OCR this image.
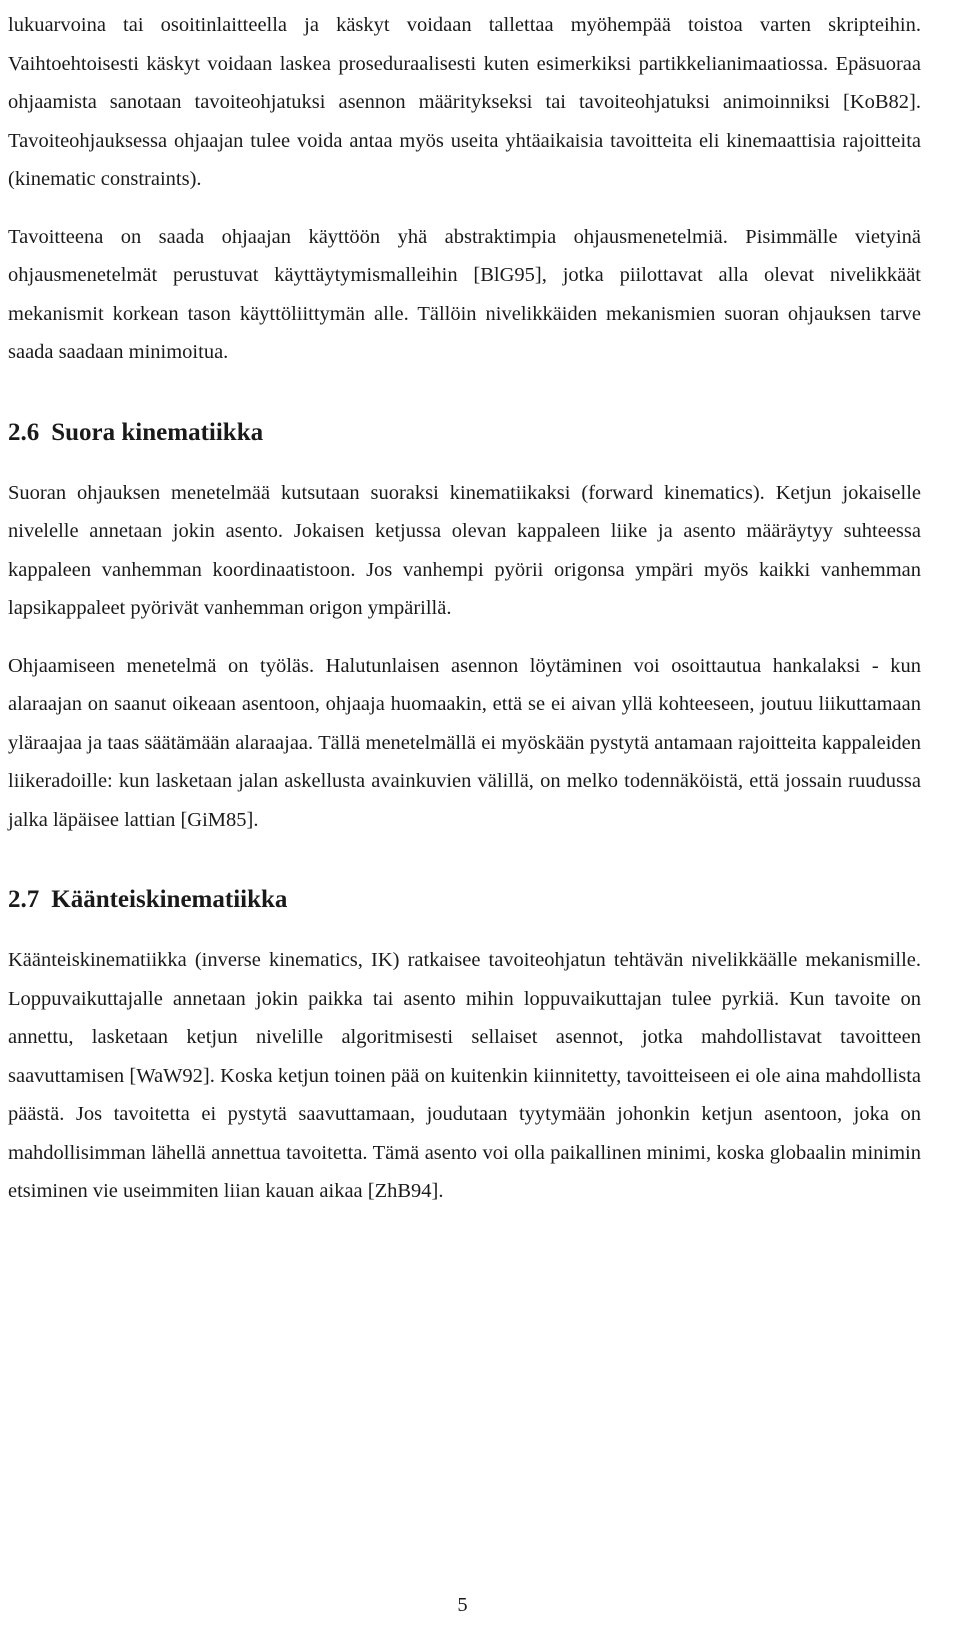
lukuarvoina tai osoitinlaitteella ja käskyt voidaan tallettaa myöhempää toistoa varten skripteihin. Vaihtoehtoisesti käskyt voidaan laskea proseduraalisesti kuten esimerkiksi partikkelianimaatiossa. Epäsuoraa ohjaamista sanotaan tavoiteohjatuksi asennon määritykseksi tai tavoiteohjatuksi animoinniksi [KoB82]. Tavoiteohjauksessa ohjaajan tulee voida antaa myös useita yhtäaikaisia tavoitteita eli kinemaattisia rajoitteita (kinematic constraints).

Tavoitteena on saada ohjaajan käyttöön yhä abstraktimpia ohjausmenetelmiä. Pisimmälle vietyinä ohjausmenetelmät perustuvat käyttäytymismalleihin [BlG95], jotka piilottavat alla olevat nivelikkäät mekanismit korkean tason käyttöliittymän alle. Tällöin nivelikkäiden mekanismien suoran ohjauksen tarve saada saadaan minimoitua.

2.6 Suora kinematiikka

Suoran ohjauksen menetelmää kutsutaan suoraksi kinematiikaksi (forward kinematics). Ketjun jokaiselle nivelelle annetaan jokin asento. Jokaisen ketjussa olevan kappaleen liike ja asento määräytyy suhteessa kappaleen vanhemman koordinaatistoon. Jos vanhempi pyörii origonsa ympäri myös kaikki vanhemman lapsikappaleet pyörivät vanhemman origon ympärillä.

Ohjaamiseen menetelmä on työläs. Halutunlaisen asennon löytäminen voi osoittautua hankalaksi - kun alaraajan on saanut oikeaan asentoon, ohjaaja huomaakin, että se ei aivan yllä kohteeseen, joutuu liikuttamaan yläraajaa ja taas säätämään alaraajaa. Tällä menetelmällä ei myöskään pystytä antamaan rajoitteita kappaleiden liikeradoille: kun lasketaan jalan askellusta avainkuvien välillä, on melko todennäköistä, että jossain ruudussa jalka läpäisee lattian [GiM85].

2.7 Käänteiskinematiikka

Käänteiskinematiikka (inverse kinematics, IK) ratkaisee tavoiteohjatun tehtävän nivelikkäälle mekanismille. Loppuvaikuttajalle annetaan jokin paikka tai asento mihin loppuvaikuttajan tulee pyrkiä. Kun tavoite on annettu, lasketaan ketjun nivelille algoritmisesti sellaiset asennot, jotka mahdollistavat tavoitteen saavuttamisen [WaW92]. Koska ketjun toinen pää on kuitenkin kiinnitetty, tavoitteiseen ei ole aina mahdollista päästä. Jos tavoitetta ei pystytä saavuttamaan, joudutaan tyytymään johonkin ketjun asentoon, joka on mahdollisimman lähellä annettua tavoitetta. Tämä asento voi olla paikallinen minimi, koska globaalin minimin etsiminen vie useimmiten liian kauan aikaa [ZhB94].

5
